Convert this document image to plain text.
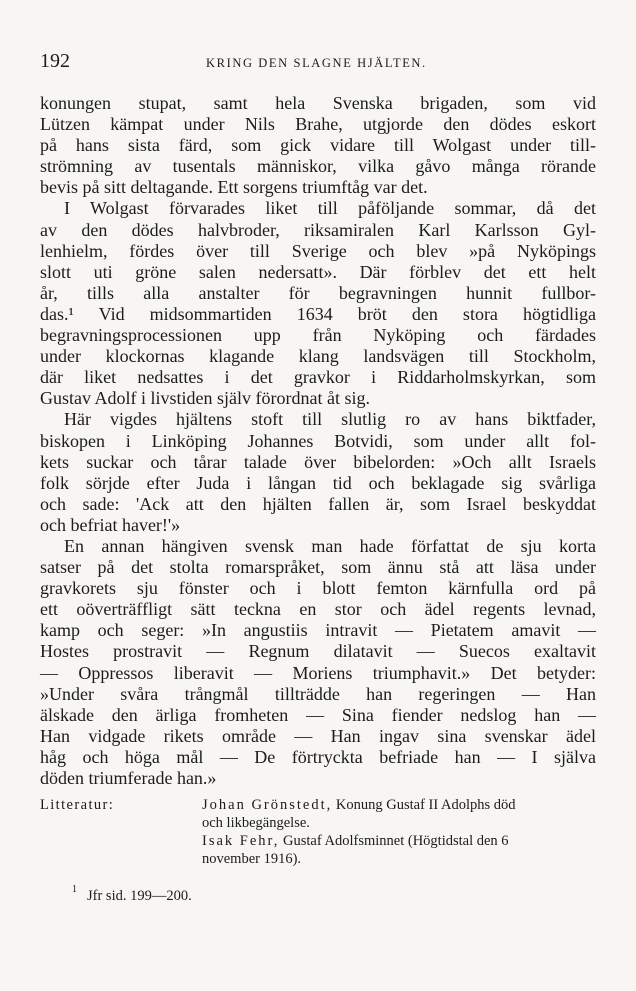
192	KRING DEN SLAGNE HJÄLTEN.
konungen stupat, samt hela Svenska brigaden, som vid
Lützen kämpat under Nils Brahe, utgjorde den dödes eskort
på hans sista färd, som gick vidare till Wolgast under till-
strömning av tusentals människor, vilka gåvo många rörande
bevis på sitt deltagande. Ett sorgens triumftåg var det.
I Wolgast förvarades liket till påföljande sommar, då det
av den dödes halvbroder, riksamiralen Karl Karlsson Gyl-
lenhielm, fördes över till Sverige och blev »på Nyköpings
slott uti gröne salen nedersatt». Där förblev det ett helt
år, tills alla anstalter för begravningen hunnit fullbor-
das.¹ Vid midsommartiden 1634 bröt den stora högtidliga
begravningsprocessionen upp från Nyköping och färdades
under klockornas klagande klang landsvägen till Stockholm,
där liket nedsattes i det gravkor i Riddarholmskyrkan, som
Gustav Adolf i livstiden själv förordnat åt sig.
Här vigdes hjältens stoft till slutlig ro av hans biktfader,
biskopen i Linköping Johannes Botvidi, som under allt fol-
kets suckar och tårar talade över bibelorden: »Och allt Israels
folk sörjde efter Juda i långan tid och beklagade sig svårliga
och sade: 'Ack att den hjälten fallen är, som Israel beskyddat
och befriat haver!'»
En annan hängiven svensk man hade författat de sju korta
satser på det stolta romarspråket, som ännu stå att läsa under
gravkorets sju fönster och i blott femton kärnfulla ord på
ett oöverträffligt sätt teckna en stor och ädel regents levnad,
kamp och seger: »In angustiis intravit — Pietatem amavit —
Hostes prostravit — Regnum dilatavit — Suecos exaltavit
— Oppressos liberavit — Moriens triumphavit.» Det betyder:
»Under svåra trångmål tillträdde han regeringen — Han
älskade den ärliga fromheten — Sina fiender nedslog han —
Han vidgade rikets område — Han ingav sina svenskar ädel
håg och höga mål — De förtryckta befriade han — I själva
döden triumferade han.»
Litteratur:	Johan Grönstedt, Konung Gustaf II Adolphs död
och likbegängelse.
Isak Fehr, Gustaf Adolfsminnet (Högtidstal den 6
november 1916).
$^1$ Jfr sid. 199—200.
